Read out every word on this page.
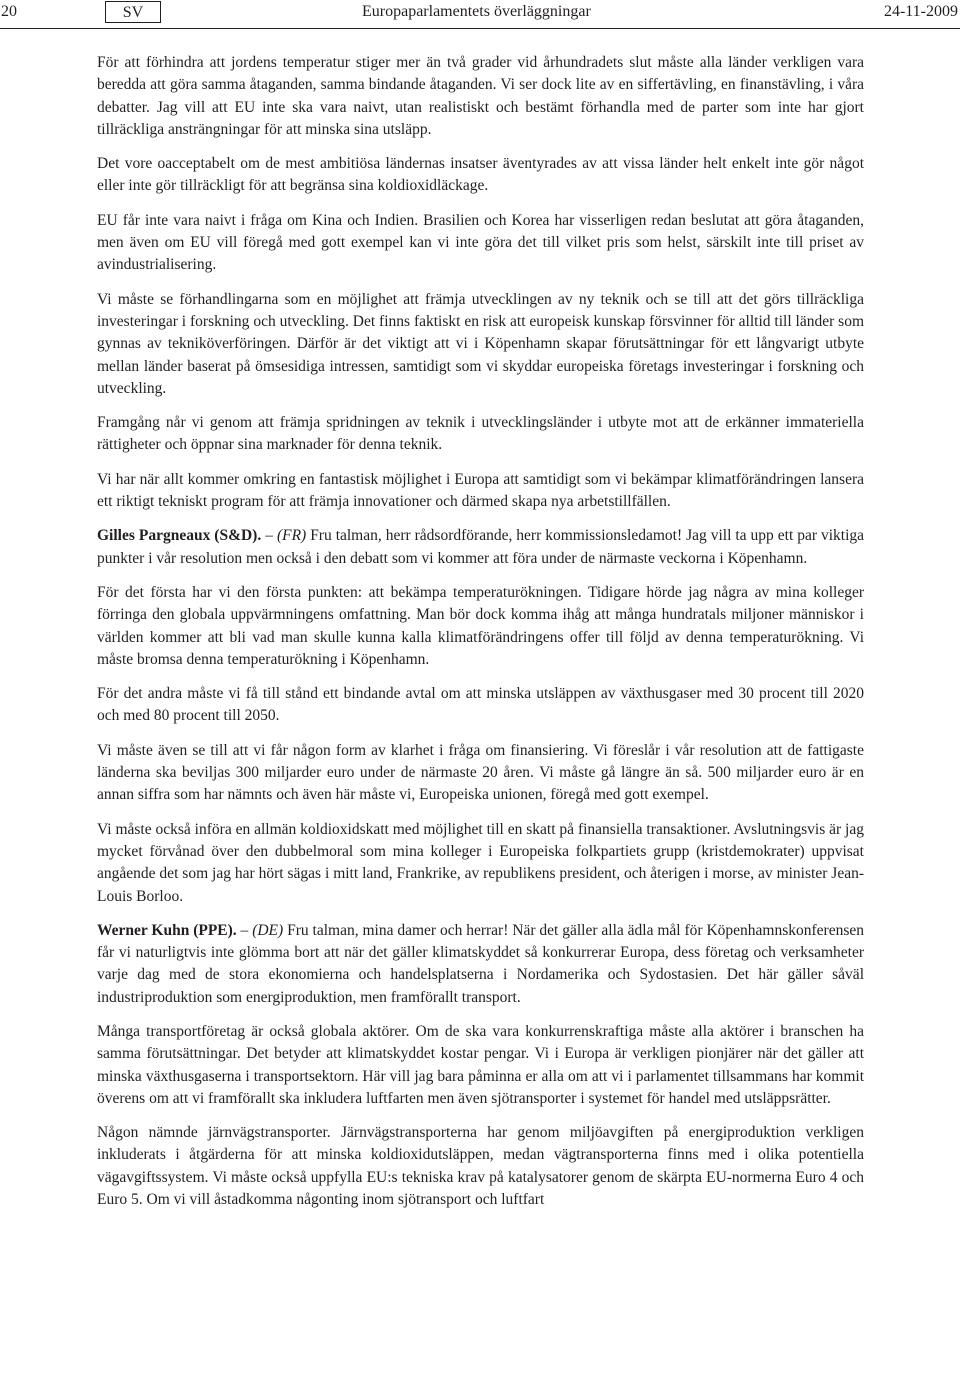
20	SV	Europaparlamentets överläggningar	24-11-2009

För att förhindra att jordens temperatur stiger mer än två grader vid århundradets slut måste alla länder verkligen vara beredda att göra samma åtaganden, samma bindande åtaganden. Vi ser dock lite av en siffertävling, en finanstävling, i våra debatter. Jag vill att EU inte ska vara naivt, utan realistiskt och bestämt förhandla med de parter som inte har gjort tillräckliga ansträngningar för att minska sina utsläpp.

Det vore oacceptabelt om de mest ambitiösa ländernas insatser äventyrades av att vissa länder helt enkelt inte gör något eller inte gör tillräckligt för att begränsa sina koldioxidläckage.

EU får inte vara naivt i fråga om Kina och Indien. Brasilien och Korea har visserligen redan beslutat att göra åtaganden, men även om EU vill föregå med gott exempel kan vi inte göra det till vilket pris som helst, särskilt inte till priset av avindustrialisering.

Vi måste se förhandlingarna som en möjlighet att främja utvecklingen av ny teknik och se till att det görs tillräckliga investeringar i forskning och utveckling. Det finns faktiskt en risk att europeisk kunskap försvinner för alltid till länder som gynnas av tekniköverföringen. Därför är det viktigt att vi i Köpenhamn skapar förutsättningar för ett långvarigt utbyte mellan länder baserat på ömsesidiga intressen, samtidigt som vi skyddar europeiska företags investeringar i forskning och utveckling.

Framgång når vi genom att främja spridningen av teknik i utvecklingsländer i utbyte mot att de erkänner immateriella rättigheter och öppnar sina marknader för denna teknik.

Vi har när allt kommer omkring en fantastisk möjlighet i Europa att samtidigt som vi bekämpar klimatförändringen lansera ett riktigt tekniskt program för att främja innovationer och därmed skapa nya arbetstillfällen.

Gilles Pargneaux (S&D). – (FR) Fru talman, herr rådsordförande, herr kommissionsledamot! Jag vill ta upp ett par viktiga punkter i vår resolution men också i den debatt som vi kommer att föra under de närmaste veckorna i Köpenhamn.

För det första har vi den första punkten: att bekämpa temperaturökningen. Tidigare hörde jag några av mina kolleger förringa den globala uppvärmningens omfattning. Man bör dock komma ihåg att många hundratals miljoner människor i världen kommer att bli vad man skulle kunna kalla klimatförändringens offer till följd av denna temperaturökning. Vi måste bromsa denna temperaturökning i Köpenhamn.

För det andra måste vi få till stånd ett bindande avtal om att minska utsläppen av växthusgaser med 30 procent till 2020 och med 80 procent till 2050.

Vi måste även se till att vi får någon form av klarhet i fråga om finansiering. Vi föreslår i vår resolution att de fattigaste länderna ska beviljas 300 miljarder euro under de närmaste 20 åren. Vi måste gå längre än så. 500 miljarder euro är en annan siffra som har nämnts och även här måste vi, Europeiska unionen, föregå med gott exempel.

Vi måste också införa en allmän koldioxidskatt med möjlighet till en skatt på finansiella transaktioner. Avslutningsvis är jag mycket förvånad över den dubbelmoral som mina kolleger i Europeiska folkpartiets grupp (kristdemokrater) uppvisat angående det som jag har hört sägas i mitt land, Frankrike, av republikens president, och återigen i morse, av minister Jean-Louis Borloo.

Werner Kuhn (PPE). – (DE) Fru talman, mina damer och herrar! När det gäller alla ädla mål för Köpenhamnskonferensen får vi naturligtvis inte glömma bort att när det gäller klimatskyddet så konkurrerar Europa, dess företag och verksamheter varje dag med de stora ekonomierna och handelsplatserna i Nordamerika och Sydostasien. Det här gäller såväl industriproduktion som energiproduktion, men framförallt transport.

Många transportföretag är också globala aktörer. Om de ska vara konkurrenskraftiga måste alla aktörer i branschen ha samma förutsättningar. Det betyder att klimatskyddet kostar pengar. Vi i Europa är verkligen pionjärer när det gäller att minska växthusgaserna i transportsektorn. Här vill jag bara påminna er alla om att vi i parlamentet tillsammans har kommit överens om att vi framförallt ska inkludera luftfarten men även sjötransporter i systemet för handel med utsläppsrätter.

Någon nämnde järnvägstransporter. Järnvägstransporterna har genom miljöavgiften på energiproduktion verkligen inkluderats i åtgärderna för att minska koldioxidutsläppen, medan vägtransporterna finns med i olika potentiella vägavgiftssystem. Vi måste också uppfylla EU:s tekniska krav på katalysatorer genom de skärpta EU-normerna Euro 4 och Euro 5. Om vi vill åstadkomma någonting inom sjötransport och luftfart
